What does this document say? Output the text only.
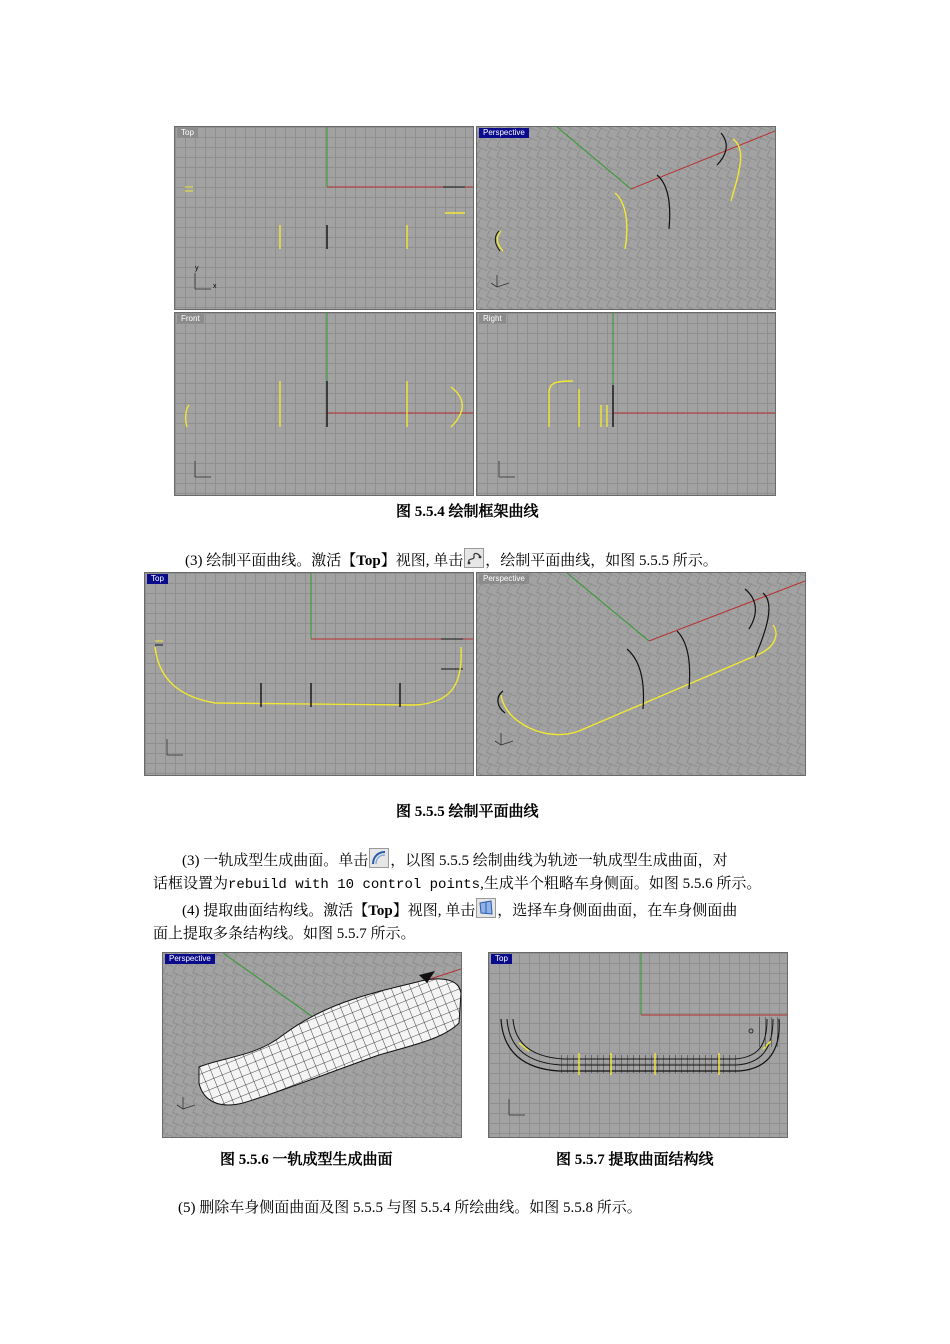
Top
y
x
Perspective
Front	Right
图 5.5.4 绘制框架曲线
(3) 绘制平面曲线。激活【Top】视图, 单击 ，绘制平面曲线，如图 5.5.5 所示。
Top	Perspective
图 5.5.5 绘制平面曲线
(3) 一轨成型生成曲面。单击 ，以图 5.5.5 绘制曲线为轨迹一轨成型生成曲面，对
话框设置为rebuild with 10 control points,生成半个粗略车身侧面。如图 5.5.6 所示。
(4) 提取曲面结构线。激活【Top】视图, 单击 ，选择车身侧面曲面，在车身侧面曲
面上提取多条结构线。如图 5.5.7 所示。
Perspective	Top
图 5.5.6 一轨成型生成曲面	图 5.5.7 提取曲面结构线
(5) 删除车身侧面曲面及图 5.5.5 与图 5.5.4 所绘曲线。如图 5.5.8 所示。
